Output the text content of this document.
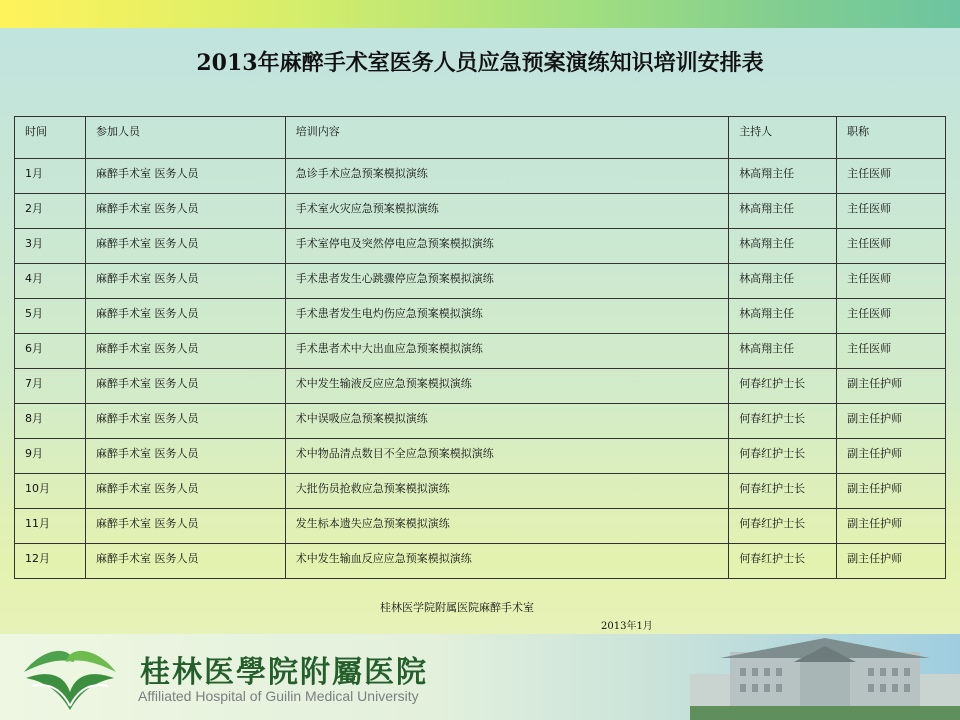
2013年麻醉手术室医务人员应急预案演练知识培训安排表
时间	参加人员	培训内容	主持人	职称
1月	麻醉手术室 医务人员	急诊手术应急预案模拟演练	林高翔主任	主任医师
2月	麻醉手术室 医务人员	手术室火灾应急预案模拟演练	林高翔主任	主任医师
3月	麻醉手术室 医务人员	手术室停电及突然停电应急预案模拟演练	林高翔主任	主任医师
4月	麻醉手术室 医务人员	手术患者发生心跳骤停应急预案模拟演练	林高翔主任	主任医师
5月	麻醉手术室 医务人员	手术患者发生电灼伤应急预案模拟演练	林高翔主任	主任医师
6月	麻醉手术室 医务人员	手术患者术中大出血应急预案模拟演练	林高翔主任	主任医师
7月	麻醉手术室 医务人员	术中发生输液反应应急预案模拟演练	何春红护士长	副主任护师
8月	麻醉手术室 医务人员	术中误吸应急预案模拟演练	何春红护士长	副主任护师
9月	麻醉手术室 医务人员	术中物品清点数目不全应急预案模拟演练	何春红护士长	副主任护师
10月	麻醉手术室 医务人员	大批伤员抢救应急预案模拟演练	何春红护士长	副主任护师
11月	麻醉手术室 医务人员	发生标本遗失应急预案模拟演练	何春红护士长	副主任护师
12月	麻醉手术室 医务人员	术中发生输血反应应急预案模拟演练	何春红护士长	副主任护师
桂林医学院附属医院麻醉手术室
2013年1月
桂林医學院附屬医院
Affiliated Hospital of Guilin Medical University
